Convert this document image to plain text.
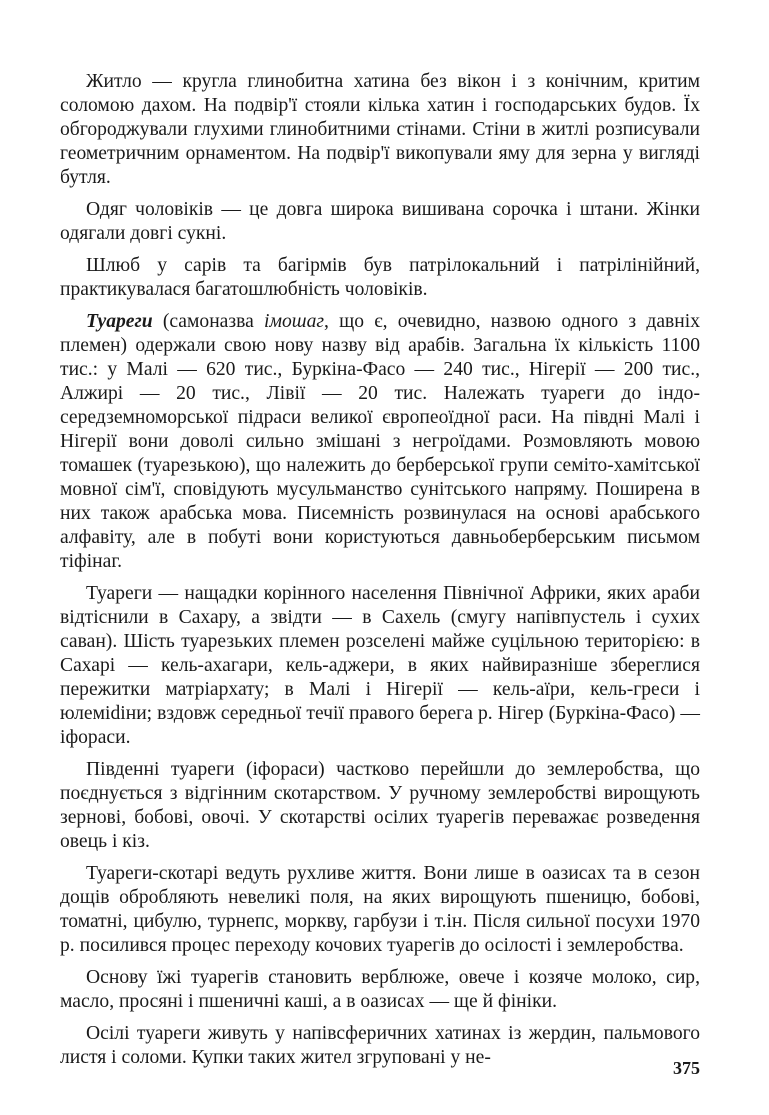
Житло — кругла глинобитна хатина без вікон і з конічним, критим соломою дахом. На подвір'ї стояли кілька хатин і господарських будов. Їх обгороджували глухими глинобитними стінами. Стіни в житлі розписували геометричним орнаментом. На подвір'ї викопували яму для зерна у вигляді бутля.

Одяг чоловіків — це довга широка вишивана сорочка і штани. Жінки одягали довгі сукні.

Шлюб у сарів та багірмів був патрілокальний і патрілінійний, практикувалася багатошлюбність чоловіків.

Туареги (самоназва імошаг, що є, очевидно, назвою одного з давніх племен) одержали свою нову назву від арабів. Загальна їх кількість 1100 тис.: у Малі — 620 тис., Буркіна-Фасо — 240 тис., Нігерії — 200 тис., Алжирі — 20 тис., Лівії — 20 тис. Належать туареги до індо-середземноморської підраси великої європеоїдної раси. На півдні Малі і Нігерії вони доволі сильно змішані з негроїдами. Розмовляють мовою томашек (туарезькою), що належить до берберської групи семіто-хамітської мовної сім'ї, сповідують мусульманство сунітського напряму. Поширена в них також арабська мова. Писемність розвинулася на основі арабського алфавіту, але в побуті вони користуються давньоберберським письмом тіфінаг.

Туареги — нащадки корінного населення Північної Африки, яких араби відтіснили в Сахару, а звідти — в Сахель (смугу напівпустель і сухих саван). Шість туарезьких племен розселені майже суцільною територією: в Сахарі — кель-ахагари, кель-аджери, в яких найвиразніше збереглися пережитки матріархату; в Малі і Нігерії — кель-аїри, кель-греси і юлеміdiни; вздовж середньої течії правого берега р. Нігер (Буркіна-Фасо) — іфораси.

Південні туареги (іфораси) частково перейшли до землеробства, що поєднується з відгінним скотарством. У ручному землеробстві вирощують зернові, бобові, овочі. У скотарстві осілих туарегів переважає розведення овець і кіз.

Туареги-скотарі ведуть рухливе життя. Вони лише в оазисах та в сезон дощів обробляють невеликі поля, на яких вирощують пшеницю, бобові, томатні, цибулю, турнепс, моркву, гарбузи і т.ін. Після сильної посухи 1970 р. посилився процес переходу кочових туарегів до осілості і землеробства.

Основу їжі туарегів становить верблюже, овече і козяче молоко, сир, масло, просяні і пшеничні каші, а в оазисах — ще й фініки.

Осілі туареги живуть у напівсферичних хатинах із жердин, пальмового листя і соломи. Купки таких жител згруповані у не-	375
